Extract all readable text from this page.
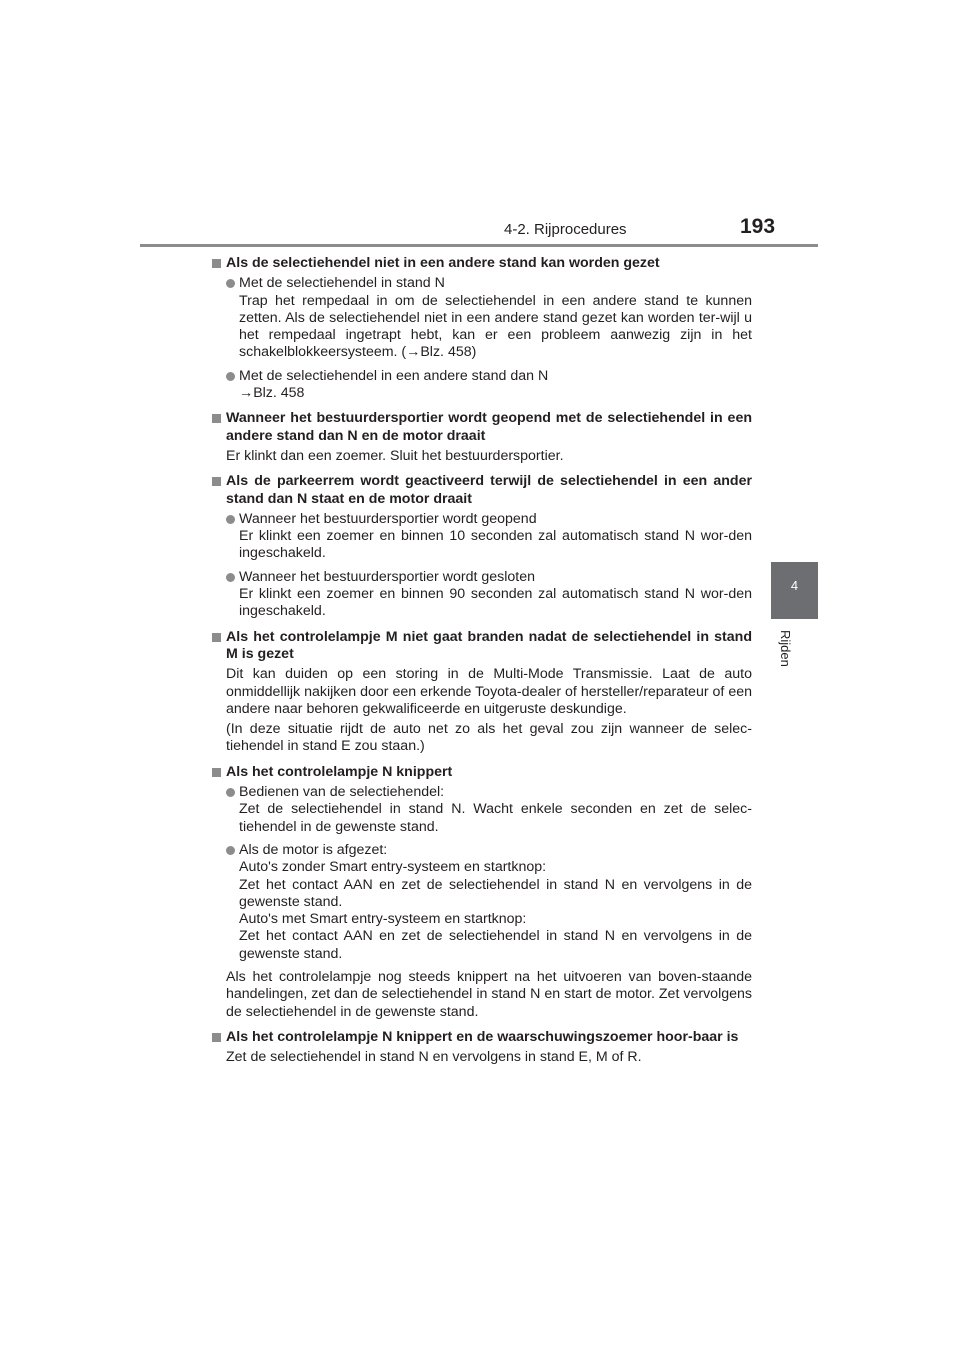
4-2. Rijprocedures	193
4
Rijden
Als de selectiehendel niet in een andere stand kan worden gezet
Met de selectiehendel in stand N
Trap het rempedaal in om de selectiehendel in een andere stand te kunnen zetten. Als de selectiehendel niet in een andere stand gezet kan worden ter-wijl u het rempedaal ingetrapt hebt, kan er een probleem aanwezig zijn in het schakelblokkeersysteem. (→Blz. 458)
Met de selectiehendel in een andere stand dan N
→Blz. 458
Wanneer het bestuurdersportier wordt geopend met de selectiehendel in een andere stand dan N en de motor draait
Er klinkt dan een zoemer. Sluit het bestuurdersportier.
Als de parkeerrem wordt geactiveerd terwijl de selectiehendel in een ander stand dan N staat en de motor draait
Wanneer het bestuurdersportier wordt geopend
Er klinkt een zoemer en binnen 10 seconden zal automatisch stand N wor-den ingeschakeld.
Wanneer het bestuurdersportier wordt gesloten
Er klinkt een zoemer en binnen 90 seconden zal automatisch stand N wor-den ingeschakeld.
Als het controlelampje M niet gaat branden nadat de selectiehendel in stand M is gezet
Dit kan duiden op een storing in de Multi-Mode Transmissie. Laat de auto onmiddellijk nakijken door een erkende Toyota-dealer of hersteller/reparateur of een andere naar behoren gekwalificeerde en uitgeruste deskundige.
(In deze situatie rijdt de auto net zo als het geval zou zijn wanneer de selec-tiehendel in stand E zou staan.)
Als het controlelampje N knippert
Bedienen van de selectiehendel:
Zet de selectiehendel in stand N. Wacht enkele seconden en zet de selec-tiehendel in de gewenste stand.
Als de motor is afgezet:
Auto's zonder Smart entry-systeem en startknop:
Zet het contact AAN en zet de selectiehendel in stand N en vervolgens in de gewenste stand.
Auto's met Smart entry-systeem en startknop:
Zet het contact AAN en zet de selectiehendel in stand N en vervolgens in de gewenste stand.
Als het controlelampje nog steeds knippert na het uitvoeren van boven-staande handelingen, zet dan de selectiehendel in stand N en start de motor. Zet vervolgens de selectiehendel in de gewenste stand.
Als het controlelampje N knippert en de waarschuwingszoemer hoor-baar is
Zet de selectiehendel in stand N en vervolgens in stand E, M of R.
